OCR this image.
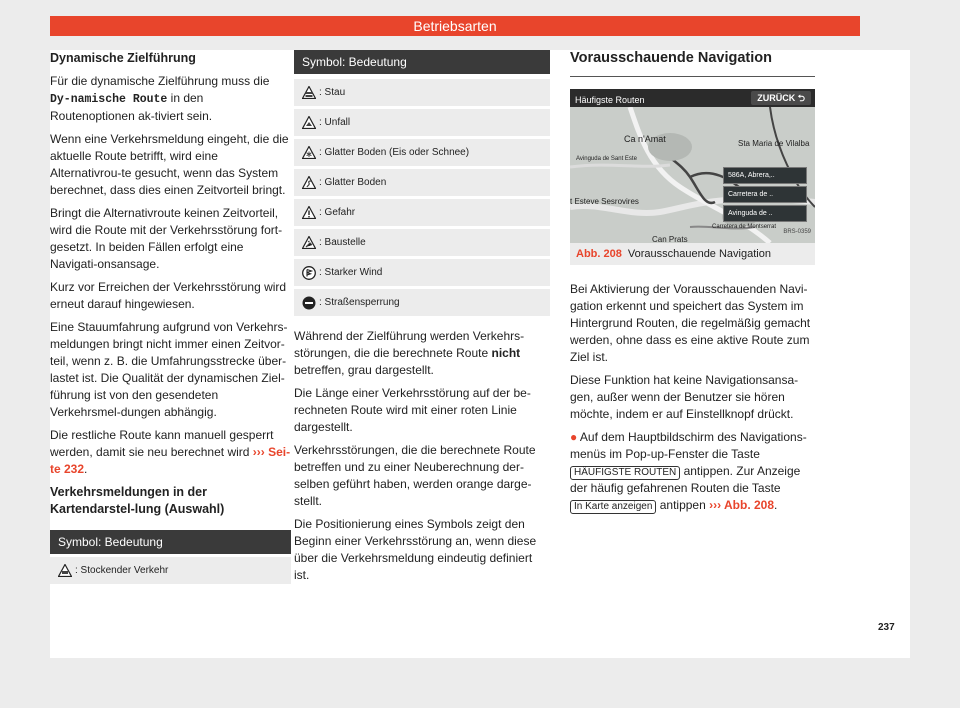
Betriebsarten
Dynamische Zielführung

Für die dynamische Zielführung muss die Dy-namische Route in den Routenoptionen ak-tiviert sein.

Wenn eine Verkehrsmeldung eingeht, die die aktuelle Route betrifft, wird eine Alternativrou-te gesucht, wenn das System berechnet, dass dies einen Zeitvorteil bringt.

Bringt die Alternativroute keinen Zeitvorteil, wird die Route mit der Verkehrsstörung fort-gesetzt. In beiden Fällen erfolgt eine Navigati-onsansage.

Kurz vor Erreichen der Verkehrsstörung wird erneut darauf hingewiesen.

Eine Stauumfahrung aufgrund von Verkehrs-meldungen bringt nicht immer einen Zeitvor-teil, wenn z. B. die Umfahrungsstrecke über-lastet ist. Die Qualität der dynamischen Ziel-führung ist von den gesendeten Verkehrsmel-dungen abhängig.

Die restliche Route kann manuell gesperrt werden, damit sie neu berechnet wird ››› Sei-te 232.

Verkehrsmeldungen in der Kartendarstel-lung (Auswahl)
Symbol: Bedeutung
: Stockender Verkehr
Symbol: Bedeutung
: Stau
: Unfall
: Glatter Boden (Eis oder Schnee)
: Glatter Boden
: Gefahr
: Baustelle
: Starker Wind
: Straßensperrung

Während der Zielführung werden Verkehrs-störungen, die die berechnete Route nicht betreffen, grau dargestellt.

Die Länge einer Verkehrsstörung auf der be-rechneten Route wird mit einer roten Linie dargestellt.

Verkehrsstörungen, die die berechnete Route betreffen und zu einer Neuberechnung der-selben geführt haben, werden orange darge-stellt.

Die Positionierung eines Symbols zeigt den Beginn einer Verkehrsstörung an, wenn diese über die Verkehrsmeldung eindeutig definiert ist.

Vorausschauende Navigation
Häufigste Routen	ZURÜCK ⮌
Ca n'Amat	Sta Maria de Vilalba
Avinguda de Sant Este
t Esteve Sesrovires
Carretera de Montserrat
Can Prats
586A, Abrera,..
Carretera de ..
Avinguda de ..
BRS-0359
Abb. 208 Vorausschauende Navigation

Bei Aktivierung der Vorausschauenden Navi-gation erkennt und speichert das System im Hintergrund Routen, die regelmäßig gemacht werden, ohne dass es eine aktive Route zum Ziel ist.

Diese Funktion hat keine Navigationsansa-gen, außer wenn der Benutzer sie hören möchte, indem er auf Einstellknopf drückt.

● Auf dem Hauptbildschirm des Navigations-menüs im Pop-up-Fenster die Taste HÄUFIGSTE ROUTEN antippen. Zur Anzeige der häufig gefahrenen Routen die Taste In Karte anzeigen antippen ››› Abb. 208.

237
